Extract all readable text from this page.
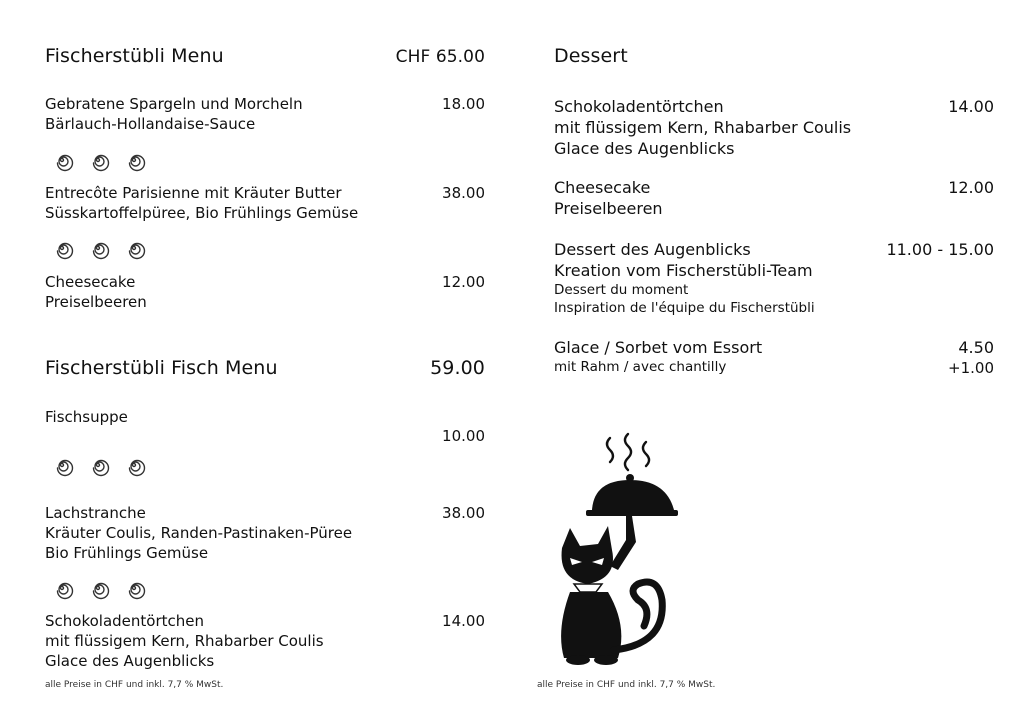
Fischerstübli Menu	CHF 65.00
Gebratene Spargeln und Morcheln
Bärlauch-Hollandaise-Sauce
18.00
Entrecôte Parisienne mit Kräuter Butter
Süsskartoffelpüree, Bio Frühlings Gemüse
38.00
Cheesecake
Preiselbeeren
12.00
Fischerstübli Fisch Menu	59.00
Fischsuppe
10.00
Lachstranche
Kräuter Coulis, Randen-Pastinaken-Püree
Bio Frühlings Gemüse
38.00
Schokoladentörtchen
mit flüssigem Kern, Rhabarber Coulis
Glace des Augenblicks
14.00
alle Preise in CHF und inkl. 7,7 % MwSt.
Dessert
Schokoladentörtchen
mit flüssigem Kern, Rhabarber Coulis
Glace des Augenblicks
14.00
Cheesecake
Preiselbeeren
12.00
Dessert des Augenblicks
Kreation vom Fischerstübli-Team
Dessert du moment
Inspiration de l'équipe du Fischerstübli
11.00 - 15.00
Glace / Sorbet vom Essort
mit Rahm / avec chantilly
4.50
+1.00
alle Preise in CHF und inkl. 7,7 % MwSt.
